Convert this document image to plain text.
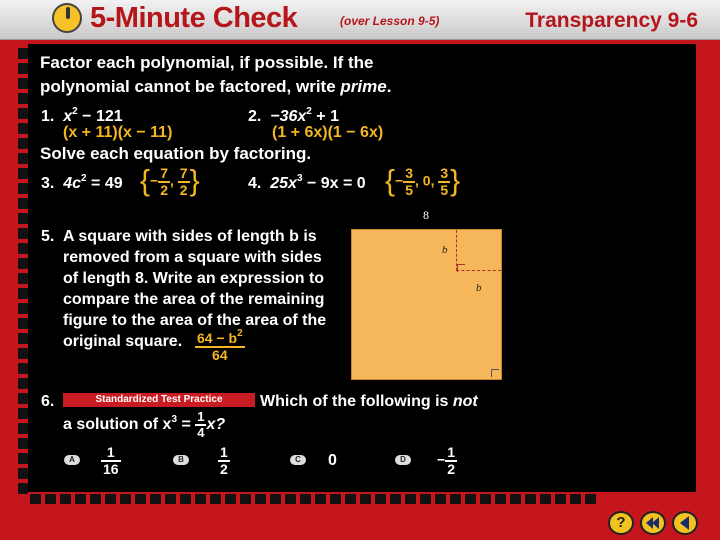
5-Minute Check	(over Lesson 9-5)	Transparency 9-6
Factor each polynomial, if possible. If the
polynomial cannot be factored, write prime.
1. $x^2 - 121$
(x + 11)(x − 11)
2. $-36x^2 + 1$
(1 + 6x)(1 − 6x)
Solve each equation by factoring.
3. $4c^2 = 49$ {− $\frac{7}{2}$ , $\frac{7}{2}$ }	4. $25x^3 - 9x = 0$ {− $\frac{3}{5}$ , 0, $\frac{3}{5}$ }
5. A square with sides of length b is
removed from a square with sides
of length 8. Write an expression to
compare the area of the remaining
figure to the area of the area of the
original square. $\frac{64 - b^2}{64}$
8
b
b
6.	Standardized Test Practice	Which of the following is not
a solution of $x^3 = \frac{1}{4} x$?
A	$\frac{1}{16}$	B	$\frac{1}{2}$	C	0	D	− $\frac{1}{2}$
?
